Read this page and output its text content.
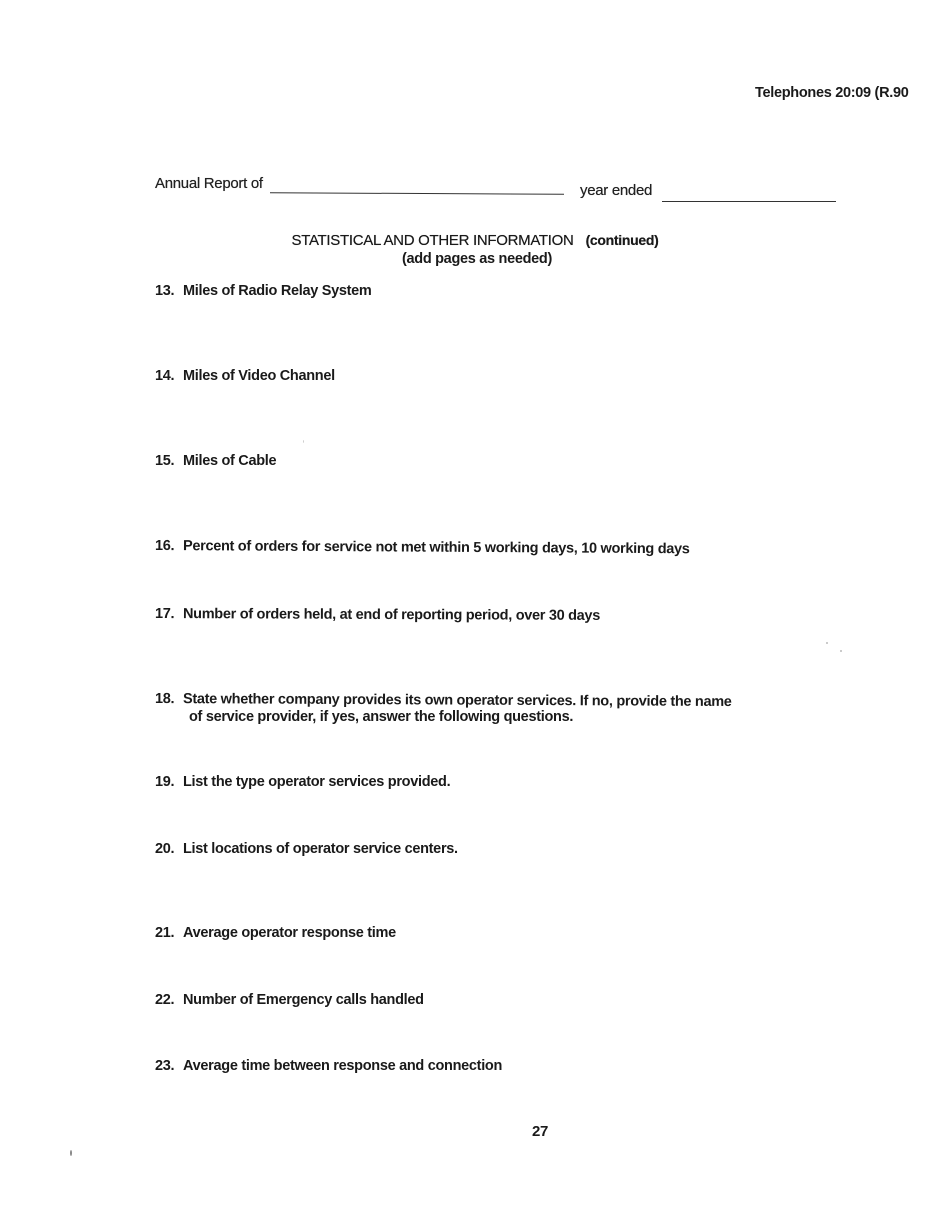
Telephones 20:09 (R.90
Annual Report of	year ended
STATISTICAL AND OTHER INFORMATION (continued)
(add pages as needed)
13. Miles of Radio Relay System
14. Miles of Video Channel
15. Miles of Cable
16. Percent of orders for service not met within 5 working days, 10 working days
17. Number of orders held, at end of reporting period, over 30 days
18. State whether company provides its own operator services. If no, provide the name
of service provider, if yes, answer the following questions.
19. List the type operator services provided.
20. List locations of operator service centers.
21. Average operator response time
22. Number of Emergency calls handled
23. Average time between response and connection
27
